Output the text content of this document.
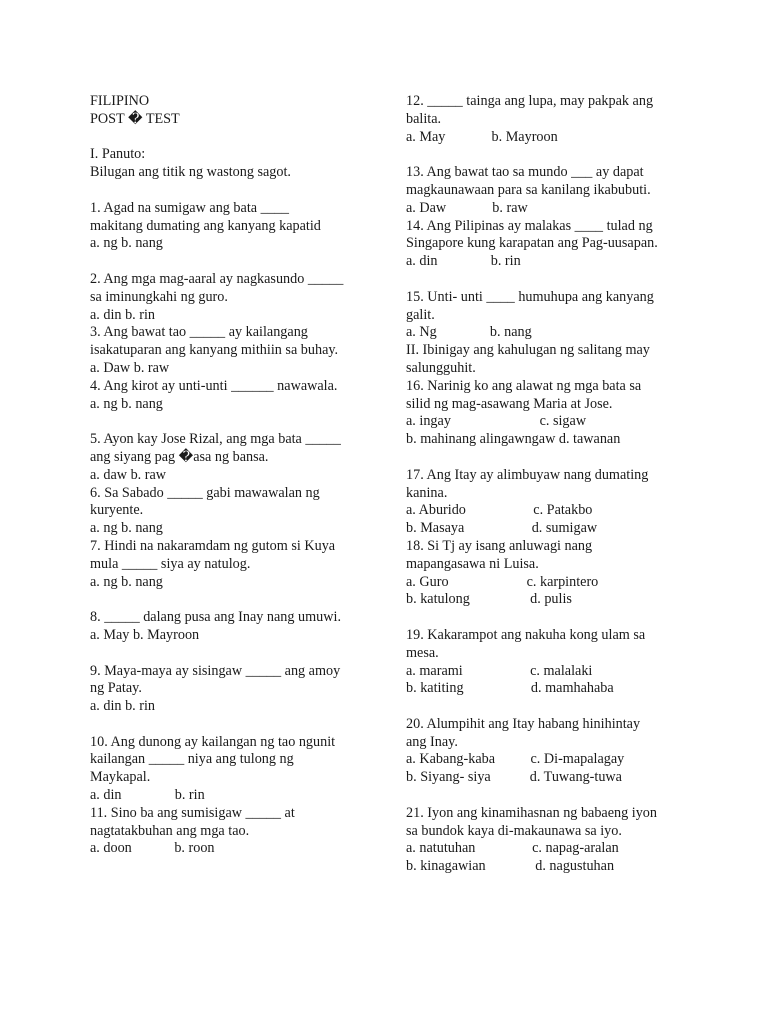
FILIPINO
POST � TEST
I. Panuto:
Bilugan ang titik ng wastong sagot.
1. Agad na sumigaw ang bata ____
makitang dumating ang kanyang kapatid
a. ng b. nang
2. Ang mga mag-aaral ay nagkasundo _____
sa iminungkahi ng guro.
a. din b. rin
3. Ang bawat tao _____ ay kailangang
isakatuparan ang kanyang mithiin sa buhay.
a. Daw b. raw
4. Ang kirot ay unti-unti ______ nawawala.
a. ng b. nang
5. Ayon kay Jose Rizal, ang mga bata _____
ang siyang pag �asa ng bansa.
a. daw b. raw
6. Sa Sabado _____ gabi mawawalan ng
kuryente.
a. ng b. nang
7. Hindi na nakaramdam ng gutom si Kuya
mula _____ siya ay natulog.
a. ng b. nang
8. _____ dalang pusa ang Inay nang umuwi.
a. May b. Mayroon
9. Maya-maya ay sisingaw _____ ang amoy
ng Patay.
a. din b. rin
10. Ang dunong ay kailangan ng tao ngunit
kailangan _____ niya ang tulong ng
Maykapal.
a. din               b. rin
11. Sino ba ang sumisigaw _____ at
nagtatakbuhan ang mga tao.
a. doon            b. roon
12. _____ tainga ang lupa, may pakpak ang
balita.
a. May             b. Mayroon
13. Ang bawat tao sa mundo ___ ay dapat
magkaunawaan para sa kanilang ikabubuti.
a. Daw             b. raw
14. Ang Pilipinas ay malakas ____ tulad ng
Singapore kung karapatan ang Pag-uusapan.
a. din               b. rin
15. Unti- unti ____ humuhupa ang kanyang
galit.
a. Ng               b. nang
II. Ibinigay ang kahulugan ng salitang may
salungguhit.
16. Narinig ko ang alawat ng mga bata sa
silid ng mag-asawang Maria at Jose.
a. ingay                         c. sigaw
b. mahinang alingawngaw d. tawanan
17. Ang Itay ay alimbuyaw nang dumating
kanina.
a. Aburido                   c. Patakbo
b. Masaya                   d. sumigaw
18. Si Tj ay isang anluwagi nang
mapangasawa ni Luisa.
a. Guro                      c. karpintero
b. katulong                 d. pulis
19. Kakarampot ang nakuha kong ulam sa
mesa.
a. marami                   c. malalaki
b. katiting                   d. mamhahaba
20. Alumpihit ang Itay habang hinihintay
ang Inay.
a. Kabang-kaba          c. Di-mapalagay
b. Siyang- siya           d. Tuwang-tuwa
21. Iyon ang kinamihasnan ng babaeng iyon
sa bundok kaya di-makaunawa sa iyo.
a. natutuhan                c. napag-aralan
b. kinagawian              d. nagustuhan
